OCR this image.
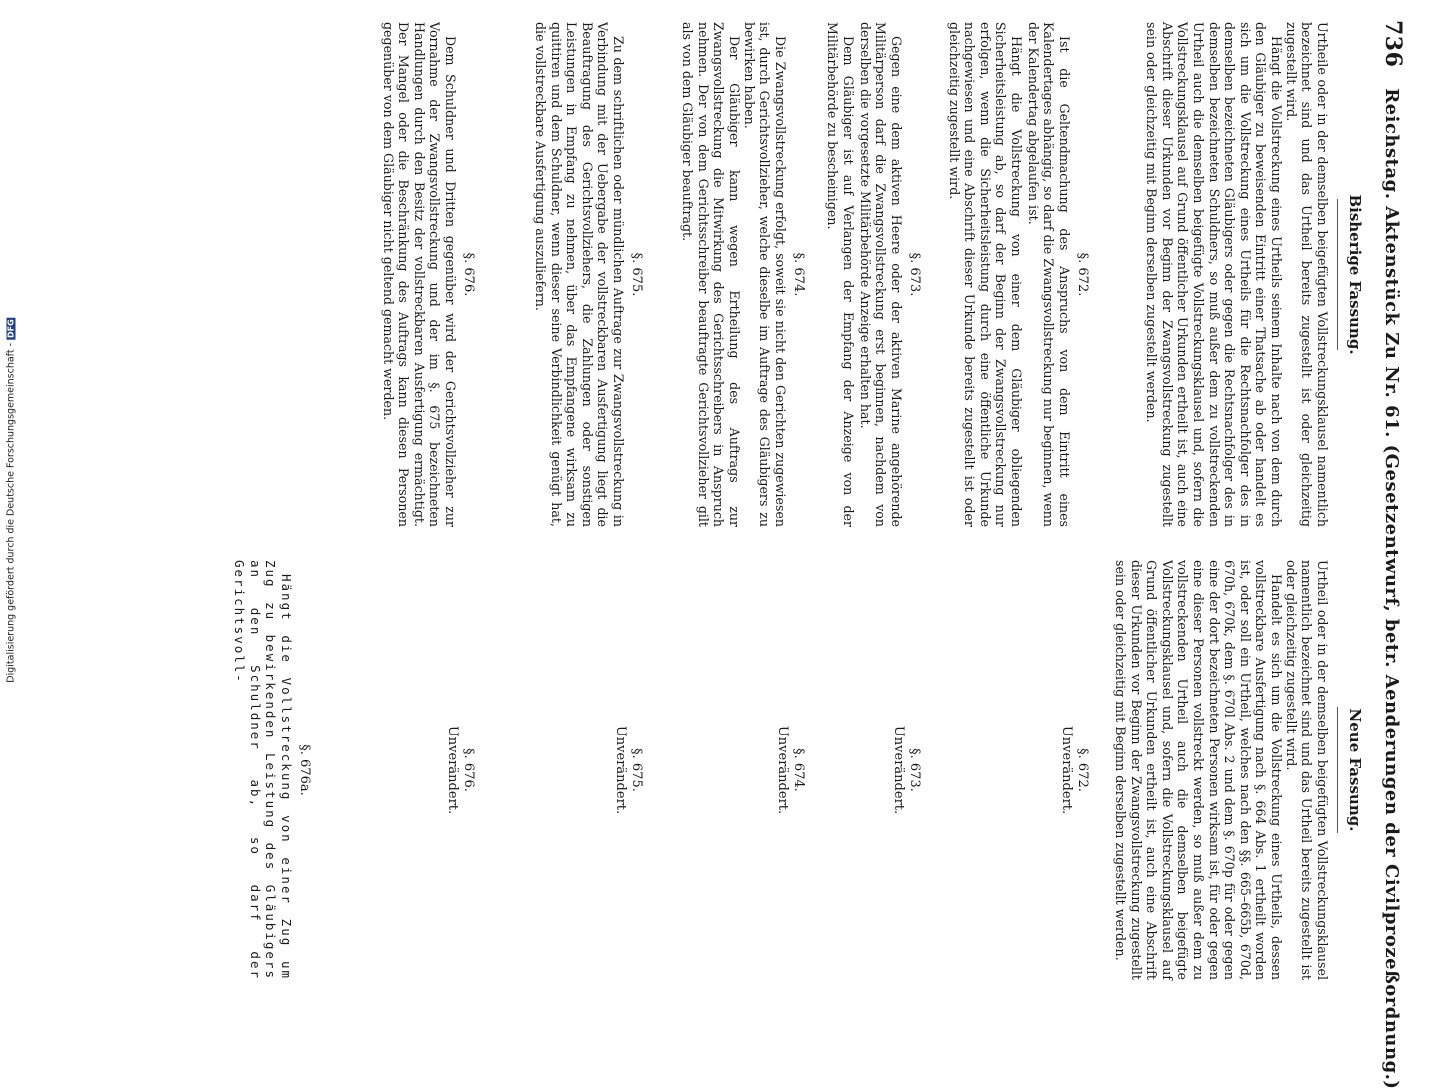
736 Reichstag. Aktenstück Zu Nr. 61. (Gesetzentwurf, betr. Aenderungen der Civilprozeßordnung.)
Bisherige Fassung.
Urtheile oder in der demselben beigefügten Vollstreckungsklausel namentlich bezeichnet sind und das Urtheil bereits zugestellt ist oder gleichzeitig zugestellt wird.
Hängt die Vollstreckung eines Urtheils seinem Inhalte nach von dem durch den Gläubiger zu beweisenden Eintritt einer Thatsache ab oder handelt es sich um die Vollstreckung eines Urtheils für die Rechtsnachfolger des in demselben bezeichneten Gläubigers oder gegen die Rechtsnachfolger des in demselben bezeichneten Schuldners, so muß außer dem zu vollstreckenden Urtheil auch die demselben beigefügte Vollstreckungsklausel und, sofern die Vollstreckungsklausel auf Grund öffentlicher Urkunden ertheilt ist, auch eine Abschrift dieser Urkunden vor Beginn der Zwangsvollstreckung zugestellt sein oder gleichzeitig mit Beginn derselben zugestellt werden.
§. 672.
Ist die Geltendmachung des Anspruchs von dem Eintritt eines Kalendertages abhängig, so darf die Zwangsvollstreckung nur beginnen, wenn der Kalendertag abgelaufen ist.
Hängt die Vollstreckung von einer dem Gläubiger obliegenden Sicherheitsleistung ab, so darf der Beginn der Zwangsvollstreckung nur erfolgen, wenn die Sicherheitsleistung durch eine öffentliche Urkunde nachgewiesen und eine Abschrift dieser Urkunde bereits zugestellt ist oder gleichzeitig zugestellt wird.
§. 673.
Gegen eine dem aktiven Heere oder der aktiven Marine angehörende Militärperson darf die Zwangsvollstreckung erst beginnen, nachdem von derselben die vorgesetzte Militärbehörde Anzeige erhalten hat.
Dem Gläubiger ist auf Verlangen der Empfang der Anzeige von der Militärbehörde zu bescheinigen.
§. 674.
Die Zwangsvollstreckung erfolgt, soweit sie nicht den Gerichten zugewiesen ist, durch Gerichtsvollzieher, welche dieselbe im Auftrage des Gläubigers zu bewirken haben.
Der Gläubiger kann wegen Ertheilung des Auftrags zur Zwangsvollstreckung die Mitwirkung des Gerichtsschreibers in Anspruch nehmen. Der von dem Gerichtsschreiber beauftragte Gerichtsvollzieher gilt als von dem Gläubiger beauftragt.
§. 675.
Zu dem schriftlichen oder mündlichen Auftrage zur Zwangsvollstreckung in Verbindung mit der Uebergabe der vollstreckbaren Ausfertigung liegt die Beauftragung des Gerichtsvollziehers, die Zahlungen oder sonstigen Leistungen in Empfang zu nehmen, über das Empfangene wirksam zu quittiren und dem Schuldner, wenn dieser seine Verbindlichkeit genügt hat, die vollstreckbare Ausfertigung auszuliefern.
§. 676.
Dem Schuldner und Dritten gegenüber wird der Gerichtsvollzieher zur Vornahme der Zwangsvollstreckung und der im §. 675 bezeichneten Handlungen durch den Besitz der vollstreckbaren Ausfertigung ermächtigt. Der Mangel oder die Beschränkung des Auftrags kann diesen Personen gegenüber von dem Gläubiger nicht geltend gemacht werden.
Neue Fassung.
Urtheil oder in der demselben beigefügten Vollstreckungsklausel namentlich bezeichnet sind und das Urtheil bereits zugestellt ist oder gleichzeitig zugestellt wird.
Handelt es sich um die Vollstreckung eines Urtheils, dessen vollstreckbare Ausfertigung nach §. 664 Abs. 1 ertheilt worden ist, oder soll ein Urtheil, welches nach den §§. 665–665b, 670d, 670h, 670k, dem §. 670l Abs. 2 und dem §. 670p für oder gegen eine der dort bezeichneten Personen wirksam ist, für oder gegen eine dieser Personen vollstreckt werden, so muß außer dem zu vollstreckenden Urtheil auch die demselben beigefügte Vollstreckungsklausel und, sofern die Vollstreckungsklausel auf Grund öffentlicher Urkunden ertheilt ist, auch eine Abschrift dieser Urkunden vor Beginn der Zwangsvollstreckung zugestellt sein oder gleichzeitig mit Beginn derselben zugestellt werden.
§. 672.
Unverändert.
§. 673.
Unverändert.
§. 674.
Unverändert.
§. 675.
Unverändert.
§. 676.
Unverändert.
§. 676a.
Hängt die Vollstreckung von einer Zug um Zug zu bewirkenden Leistung des Gläubigers an den Schuldner ab, so darf der Gerichtsvoll-
Digitalisierung gefördert durch die Deutsche Forschungsgemeinschaft -DFG
